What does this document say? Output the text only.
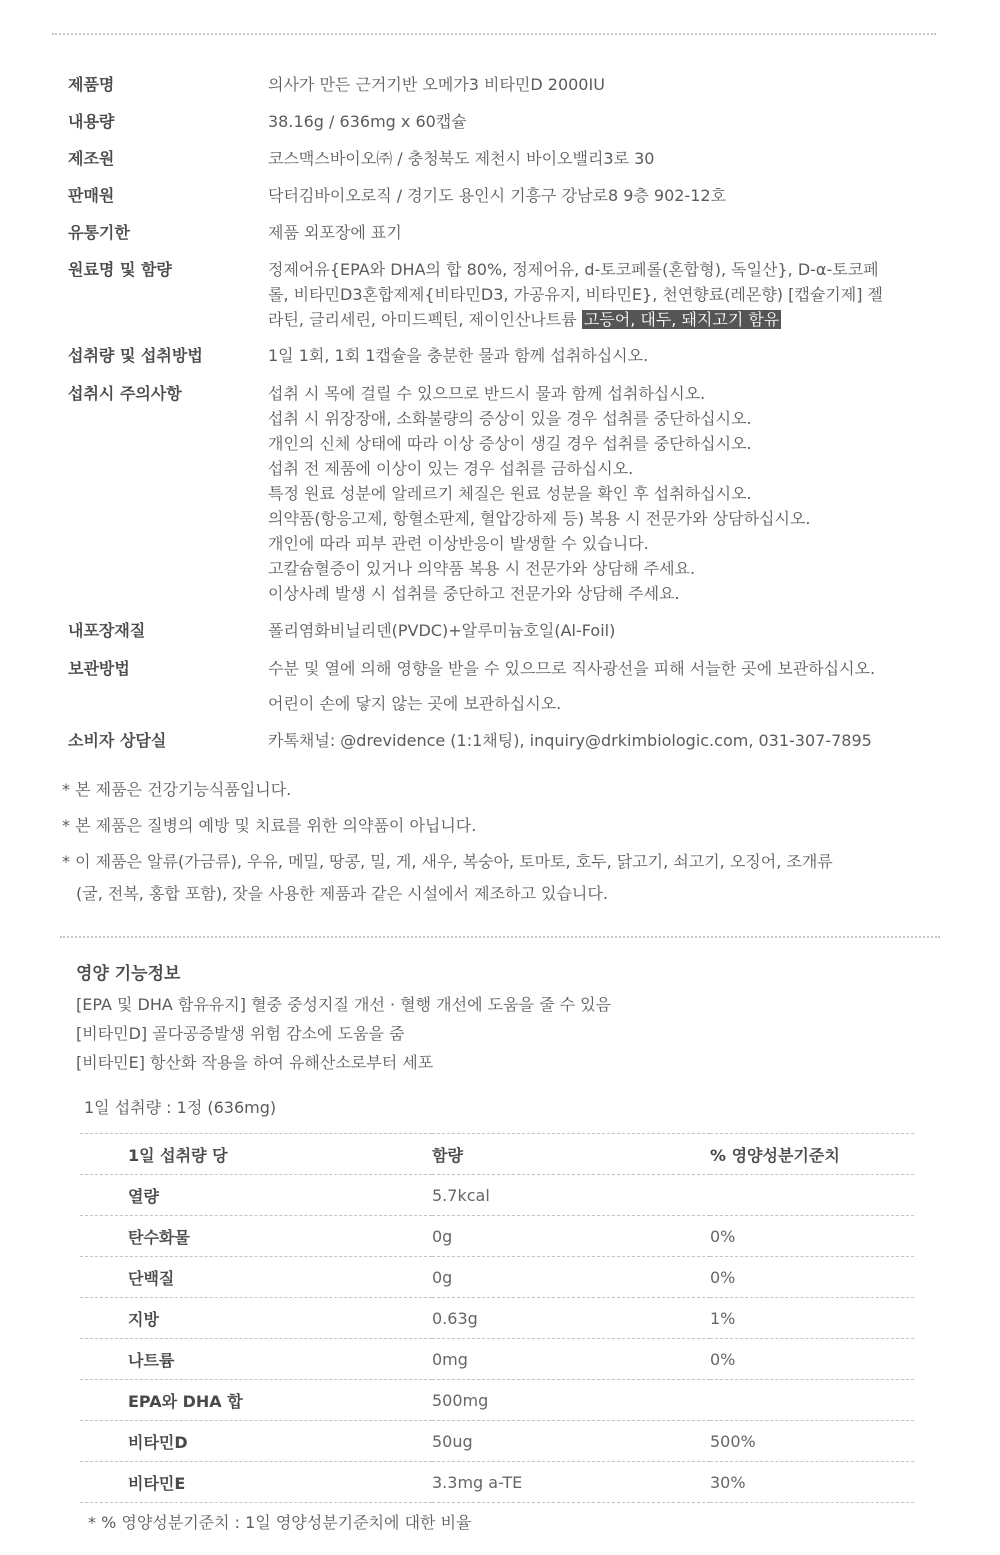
제품명	의사가 만든 근거기반 오메가3 비타민D 2000IU
내용량	38.16g / 636mg x 60캡슐
제조원	코스맥스바이오㈜ / 충청북도 제천시 바이오밸리3로 30
판매원	닥터김바이오로직 / 경기도 용인시 기흥구 강남로8 9층 902-12호
유통기한	제품 외포장에 표기
원료명 및 함량	정제어유{EPA와 DHA의 합 80%, 정제어유, d-토코페롤(혼합형), 독일산}, D-α-토코페
롤, 비타민D3혼합제제{비타민D3, 가공유지, 비타민E}, 천연향료(레몬향) [캡슐기제] 젤
라틴, 글리세린, 아미드펙틴, 제이인산나트륨 고등어, 대두, 돼지고기 함유
섭취량 및 섭취방법	1일 1회, 1회 1캡슐을 충분한 물과 함께 섭취하십시오.
섭취시 주의사항	섭취 시 목에 걸릴 수 있으므로 반드시 물과 함께 섭취하십시오.
섭취 시 위장장애, 소화불량의 증상이 있을 경우 섭취를 중단하십시오.
개인의 신체 상태에 따라 이상 증상이 생길 경우 섭취를 중단하십시오.
섭취 전 제품에 이상이 있는 경우 섭취를 금하십시오.
특정 원료 성분에 알레르기 체질은 원료 성분을 확인 후 섭취하십시오.
의약품(항응고제, 항혈소판제, 혈압강하제 등) 복용 시 전문가와 상담하십시오.
개인에 따라 피부 관련 이상반응이 발생할 수 있습니다.
고칼슘혈증이 있거나 의약품 복용 시 전문가와 상담해 주세요.
이상사례 발생 시 섭취를 중단하고 전문가와 상담해 주세요.
내포장재질	폴리염화비닐리덴(PVDC)+알루미늄호일(Al-Foil)
보관방법	수분 및 열에 의해 영향을 받을 수 있으므로 직사광선을 피해 서늘한 곳에 보관하십시오.
어린이 손에 닿지 않는 곳에 보관하십시오.
소비자 상담실	카톡채널: @drevidence (1:1채팅), inquiry@drkimbiologic.com, 031-307-7895
* 본 제품은 건강기능식품입니다.
* 본 제품은 질병의 예방 및 치료를 위한 의약품이 아닙니다.
* 이 제품은 알류(가금류), 우유, 메밀, 땅콩, 밀, 게, 새우, 복숭아, 토마토, 호두, 닭고기, 쇠고기, 오징어, 조개류
(굴, 전복, 홍합 포함), 잣을 사용한 제품과 같은 시설에서 제조하고 있습니다.
영양 기능정보
[EPA 및 DHA 함유유지] 혈중 중성지질 개선 · 혈행 개선에 도움을 줄 수 있음
[비타민D] 골다공증발생 위험 감소에 도움을 줌
[비타민E] 항산화 작용을 하여 유해산소로부터 세포
1일 섭취량 : 1정 (636mg)
1일 섭취량 당	함량	% 영양성분기준치
열량	5.7kcal	
탄수화물	0g	0%
단백질	0g	0%
지방	0.63g	1%
나트륨	0mg	0%
EPA와 DHA 합	500mg	
비타민D	50ug	500%
비타민E	3.3mg a-TE	30%
* % 영양성분기준치 : 1일 영양성분기준치에 대한 비율
